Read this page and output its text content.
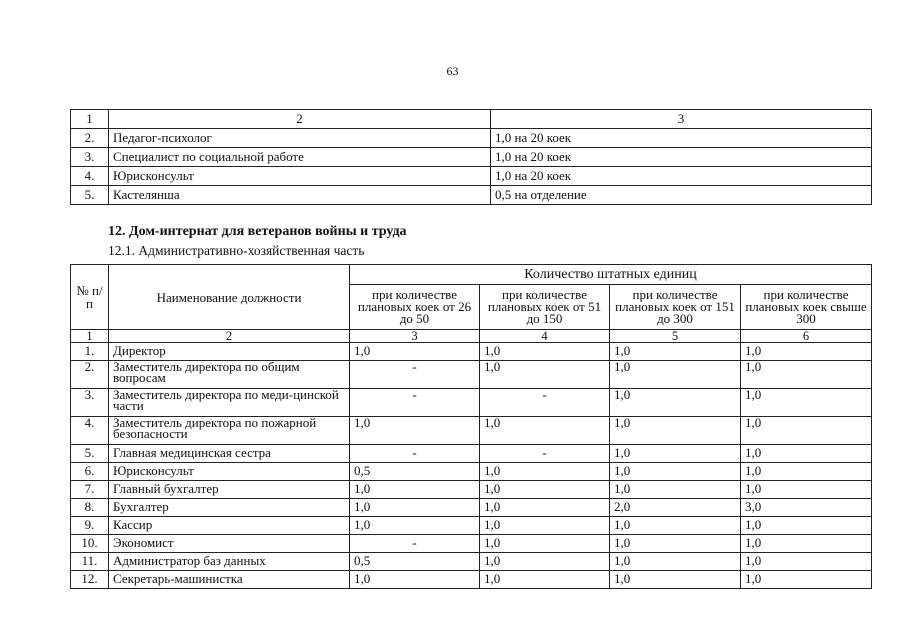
63
1	2	3
2.	Педагог-психолог	1,0 на 20 коек
3.	Специалист по социальной работе	1,0 на 20 коек
4.	Юрисконсульт	1,0 на 20 коек
5.	Кастелянша	0,5 на отделение
12. Дом-интернат для ветеранов войны и труда
12.1. Административно-хозяйственная часть
№ п/п	Наименование должности	Количество штатных единиц			
		при количестве плановых коек от 26 до 50	при количестве плановых коек от 51 до 150	при количестве плановых коек от 151 до 300	при количестве плановых коек свыше 300
1	2	3	4	5	6
1.	Директор	1,0	1,0	1,0	1,0
2.	Заместитель директора по общим вопросам	-	1,0	1,0	1,0
3.	Заместитель директора по меди-цинской части	-	-	1,0	1,0
4.	Заместитель директора по пожарной безопасности	1,0	1,0	1,0	1,0
5.	Главная медицинская сестра	-	-	1,0	1,0
6.	Юрисконсульт	0,5	1,0	1,0	1,0
7.	Главный бухгалтер	1,0	1,0	1,0	1,0
8.	Бухгалтер	1,0	1,0	2,0	3,0
9.	Кассир	1,0	1,0	1,0	1,0
10.	Экономист	-	1,0	1,0	1,0
11.	Администратор баз данных	0,5	1,0	1,0	1,0
12.	Секретарь-машинистка	1,0	1,0	1,0	1,0
